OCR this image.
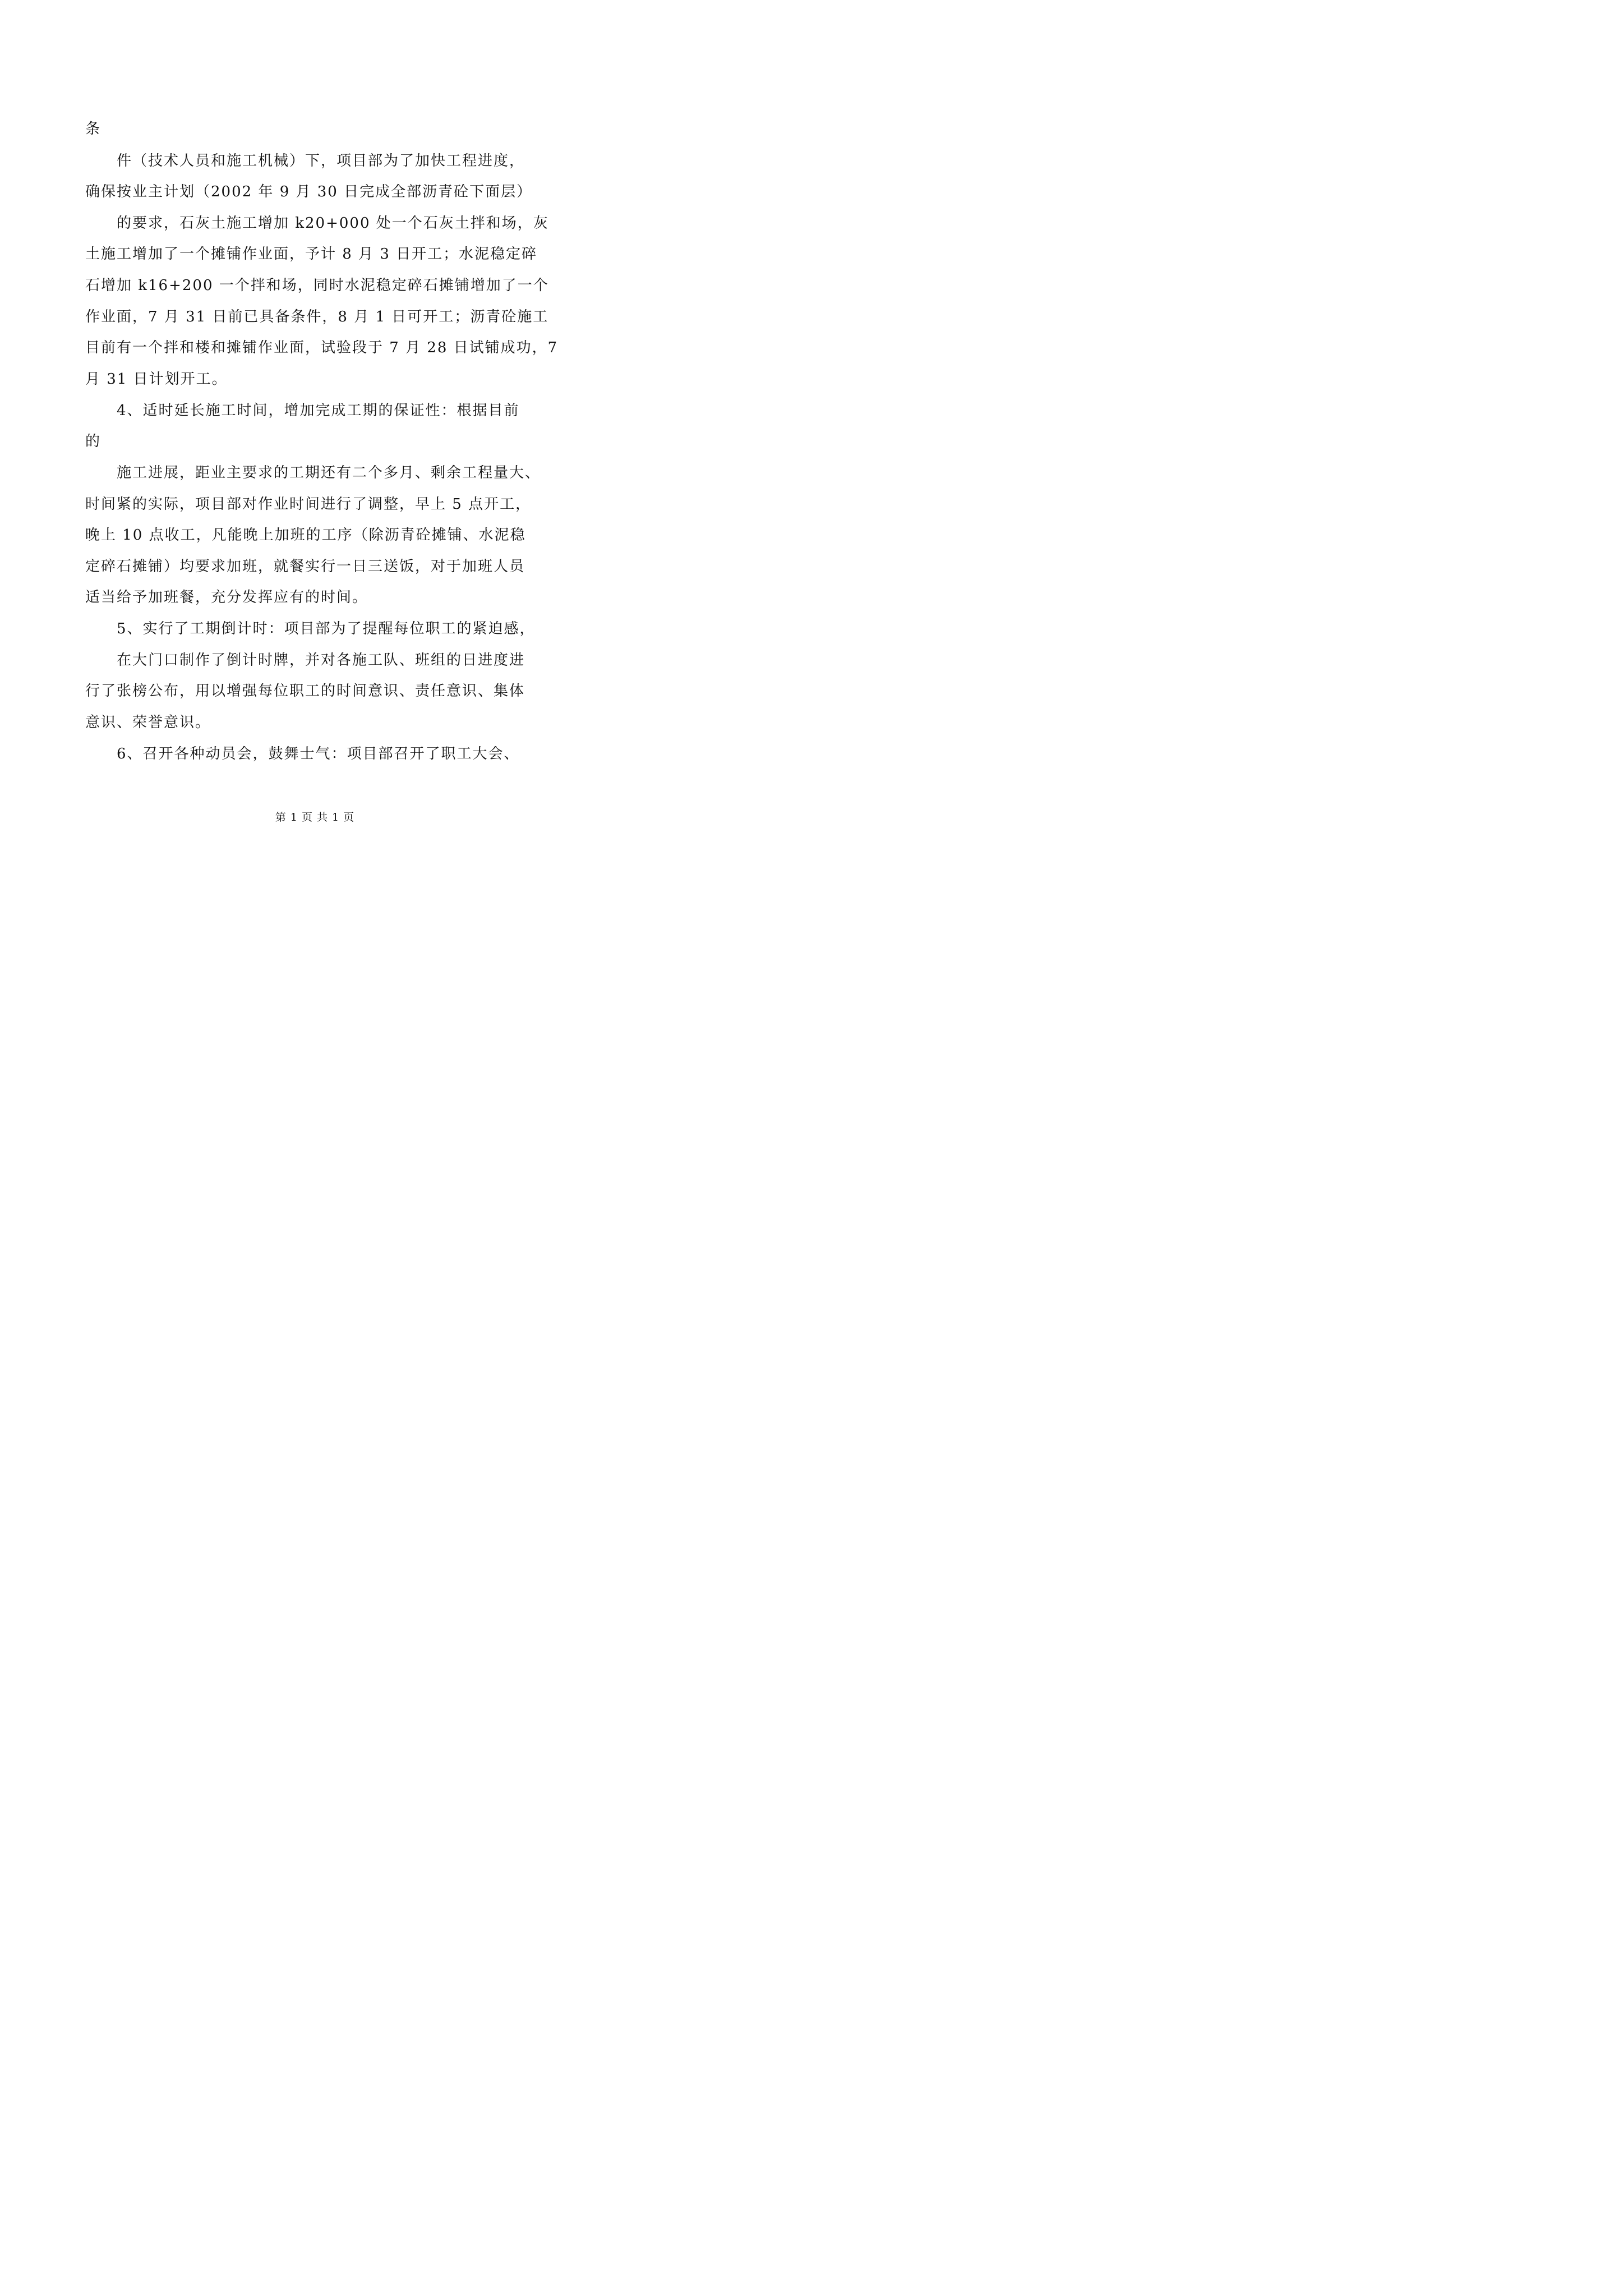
条
件（技术人员和施工机械）下，项目部为了加快工程进度，
确保按业主计划（2002 年 9 月 30 日完成全部沥青砼下面层）
的要求，石灰土施工增加 k20+000 处一个石灰土拌和场，灰
土施工增加了一个摊铺作业面，予计 8 月 3 日开工；水泥稳定碎
石增加 k16+200 一个拌和场，同时水泥稳定碎石摊铺增加了一个
作业面，7 月 31 日前已具备条件，8 月 1 日可开工；沥青砼施工
目前有一个拌和楼和摊铺作业面，试验段于 7 月 28 日试铺成功，7
月 31 日计划开工。
4、适时延长施工时间，增加完成工期的保证性：根据目前
的
施工进展，距业主要求的工期还有二个多月、剩余工程量大、
时间紧的实际，项目部对作业时间进行了调整，早上 5 点开工，
晚上 10 点收工，凡能晚上加班的工序（除沥青砼摊铺、水泥稳
定碎石摊铺）均要求加班，就餐实行一日三送饭，对于加班人员
适当给予加班餐，充分发挥应有的时间。
5、实行了工期倒计时：项目部为了提醒每位职工的紧迫感，
在大门口制作了倒计时牌，并对各施工队、班组的日进度进
行了张榜公布，用以增强每位职工的时间意识、责任意识、集体
意识、荣誉意识。
6、召开各种动员会，鼓舞士气：项目部召开了职工大会、
第 1 页 共 1 页
